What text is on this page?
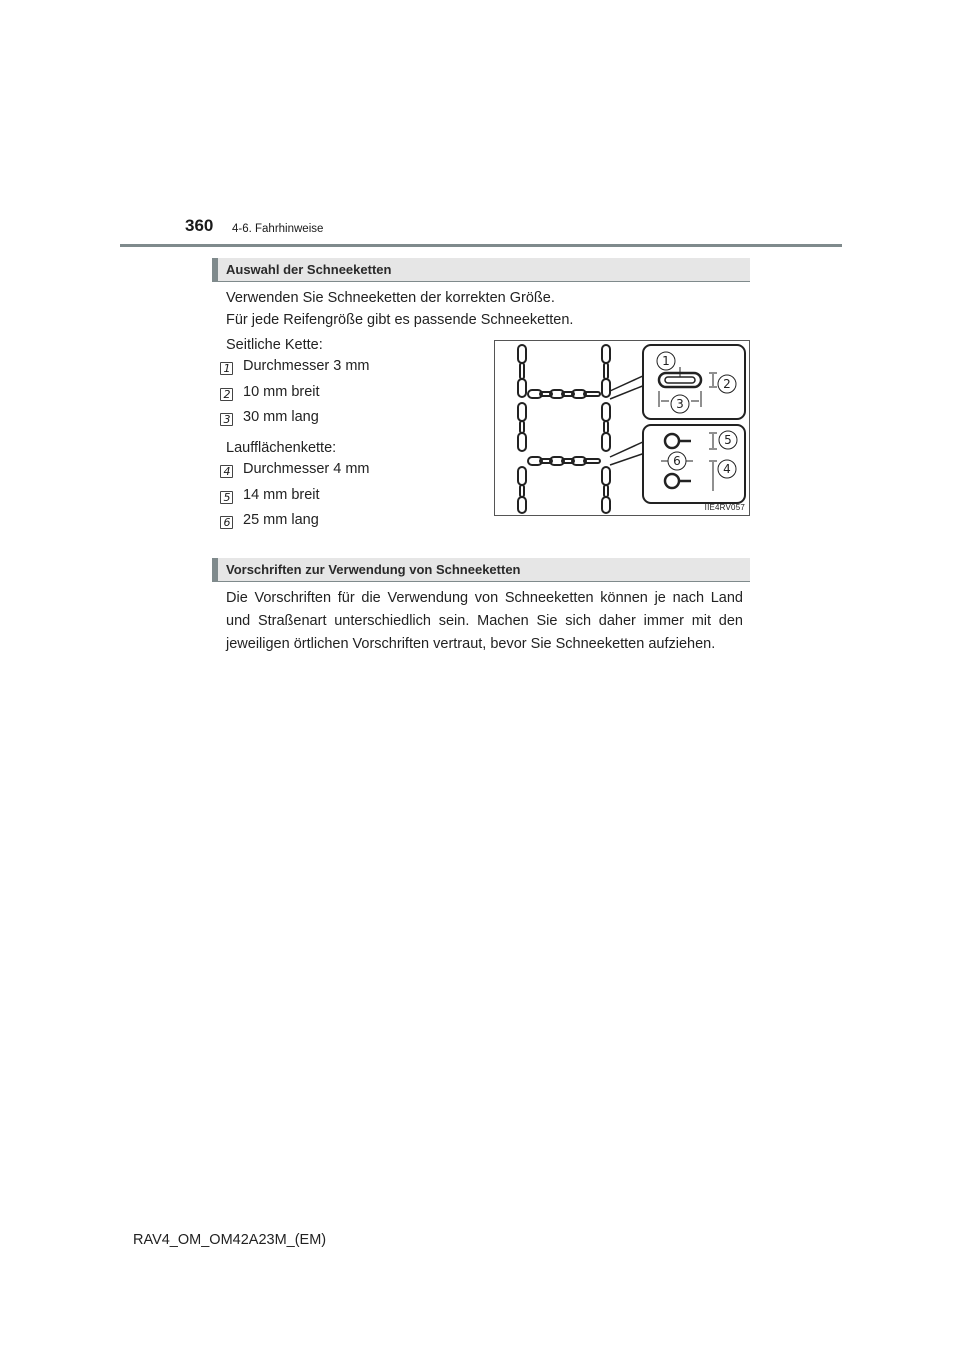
360 4-6. Fahrhinweise
Auswahl der Schneeketten
Verwenden Sie Schneeketten der korrekten Größe.
Für jede Reifengröße gibt es passende Schneeketten.
Seitliche Kette:
1 Durchmesser 3 mm
2 10 mm breit
3 30 mm lang
Laufflächenkette:
4 Durchmesser 4 mm
5 14 mm breit
6 25 mm lang
1
2
3
4
5
6
IIE4RV057
Vorschriften zur Verwendung von Schneeketten
Die Vorschriften für die Verwendung von Schneeketten können je nach Land und Straßenart unterschiedlich sein. Machen Sie sich daher immer mit den jeweiligen örtlichen Vorschriften vertraut, bevor Sie Schneeketten aufziehen.
RAV4_OM_OM42A23M_(EM)
